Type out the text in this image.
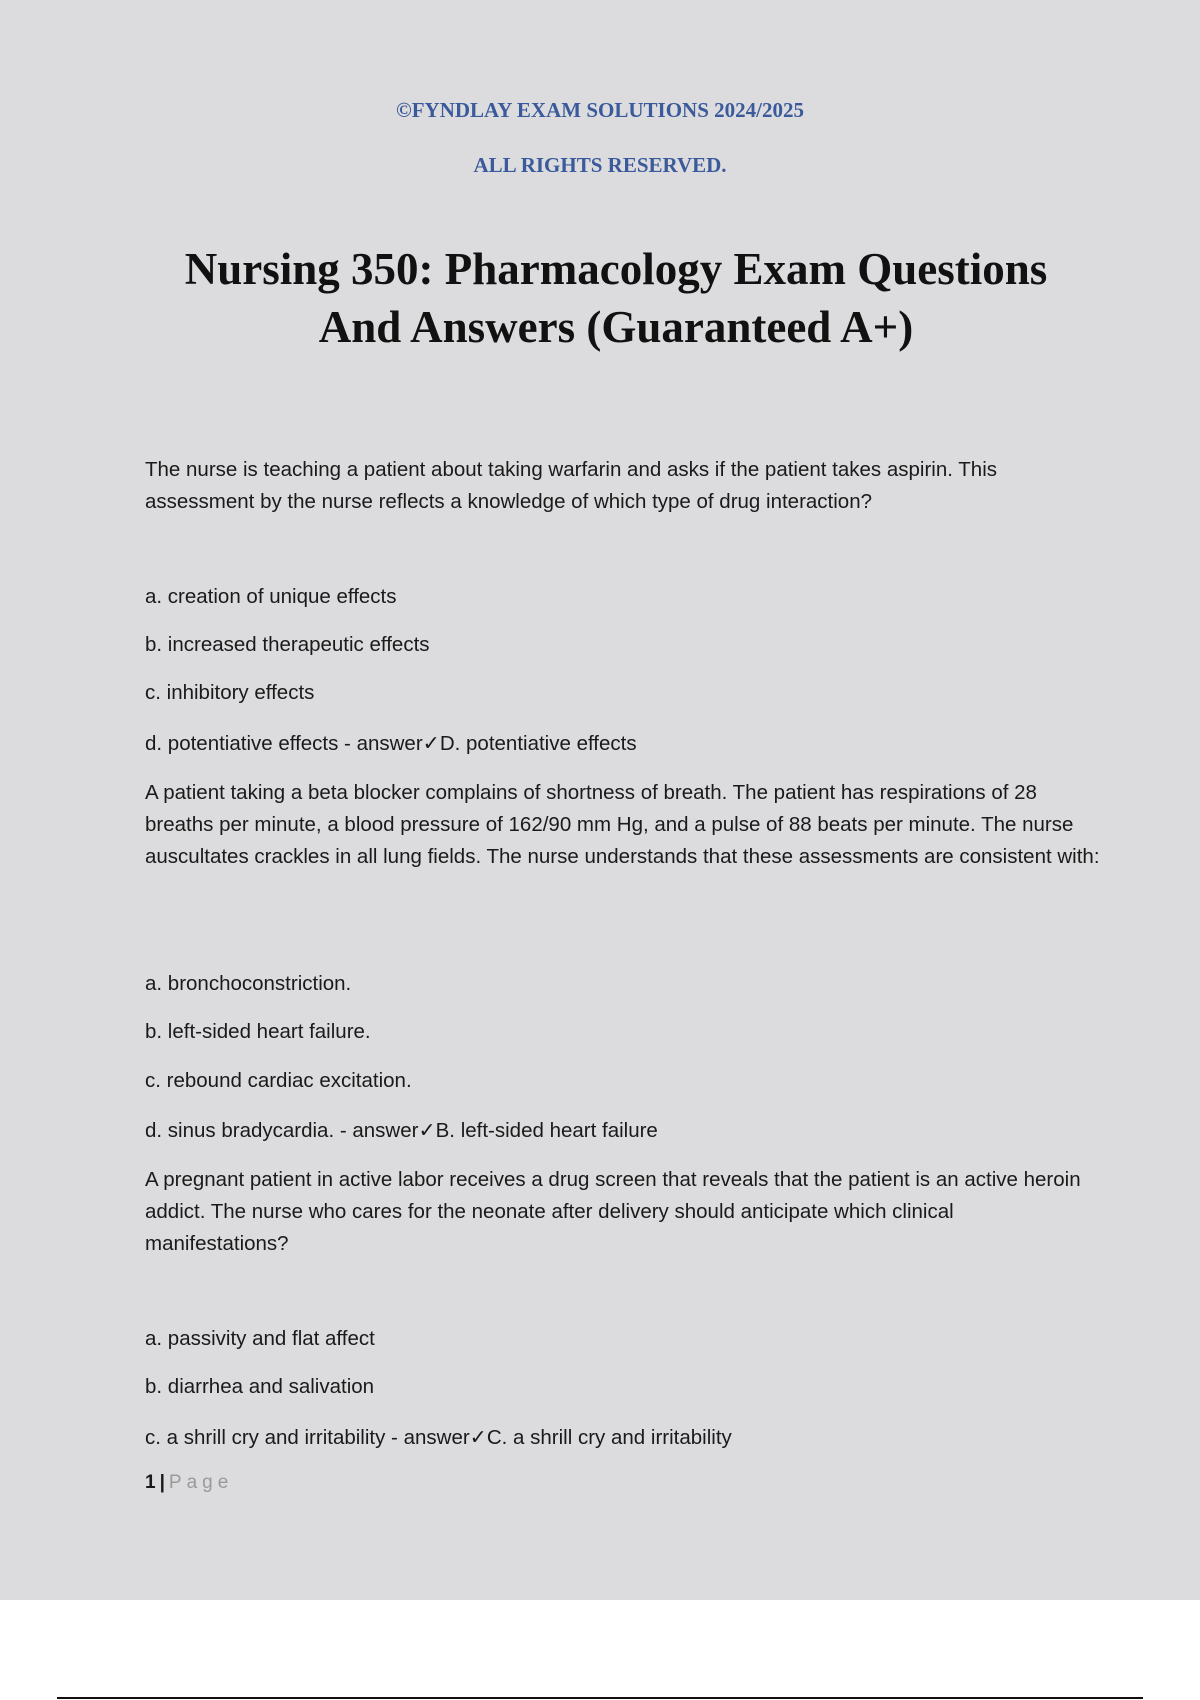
©FYNDLAY EXAM SOLUTIONS 2024/2025
ALL RIGHTS RESERVED.
Nursing 350: Pharmacology Exam Questions
And Answers (Guaranteed A+)

The nurse is teaching a patient about taking warfarin and asks if the patient takes aspirin. This assessment by the nurse reflects a knowledge of which type of drug interaction?

a. creation of unique effects
b. increased therapeutic effects
c. inhibitory effects
d. potentiative effects - answer✓D. potentiative effects

A patient taking a beta blocker complains of shortness of breath. The patient has respirations of 28 breaths per minute, a blood pressure of 162/90 mm Hg, and a pulse of 88 beats per minute. The nurse auscultates crackles in all lung fields. The nurse understands that these assessments are consistent with:

a. bronchoconstriction.
b. left-sided heart failure.
c. rebound cardiac excitation.
d. sinus bradycardia. - answer✓B. left-sided heart failure

A pregnant patient in active labor receives a drug screen that reveals that the patient is an active heroin addict. The nurse who cares for the neonate after delivery should anticipate which clinical manifestations?

a. passivity and flat affect
b. diarrhea and salivation
c. a shrill cry and irritability - answer✓C. a shrill cry and irritability
1 | Page
